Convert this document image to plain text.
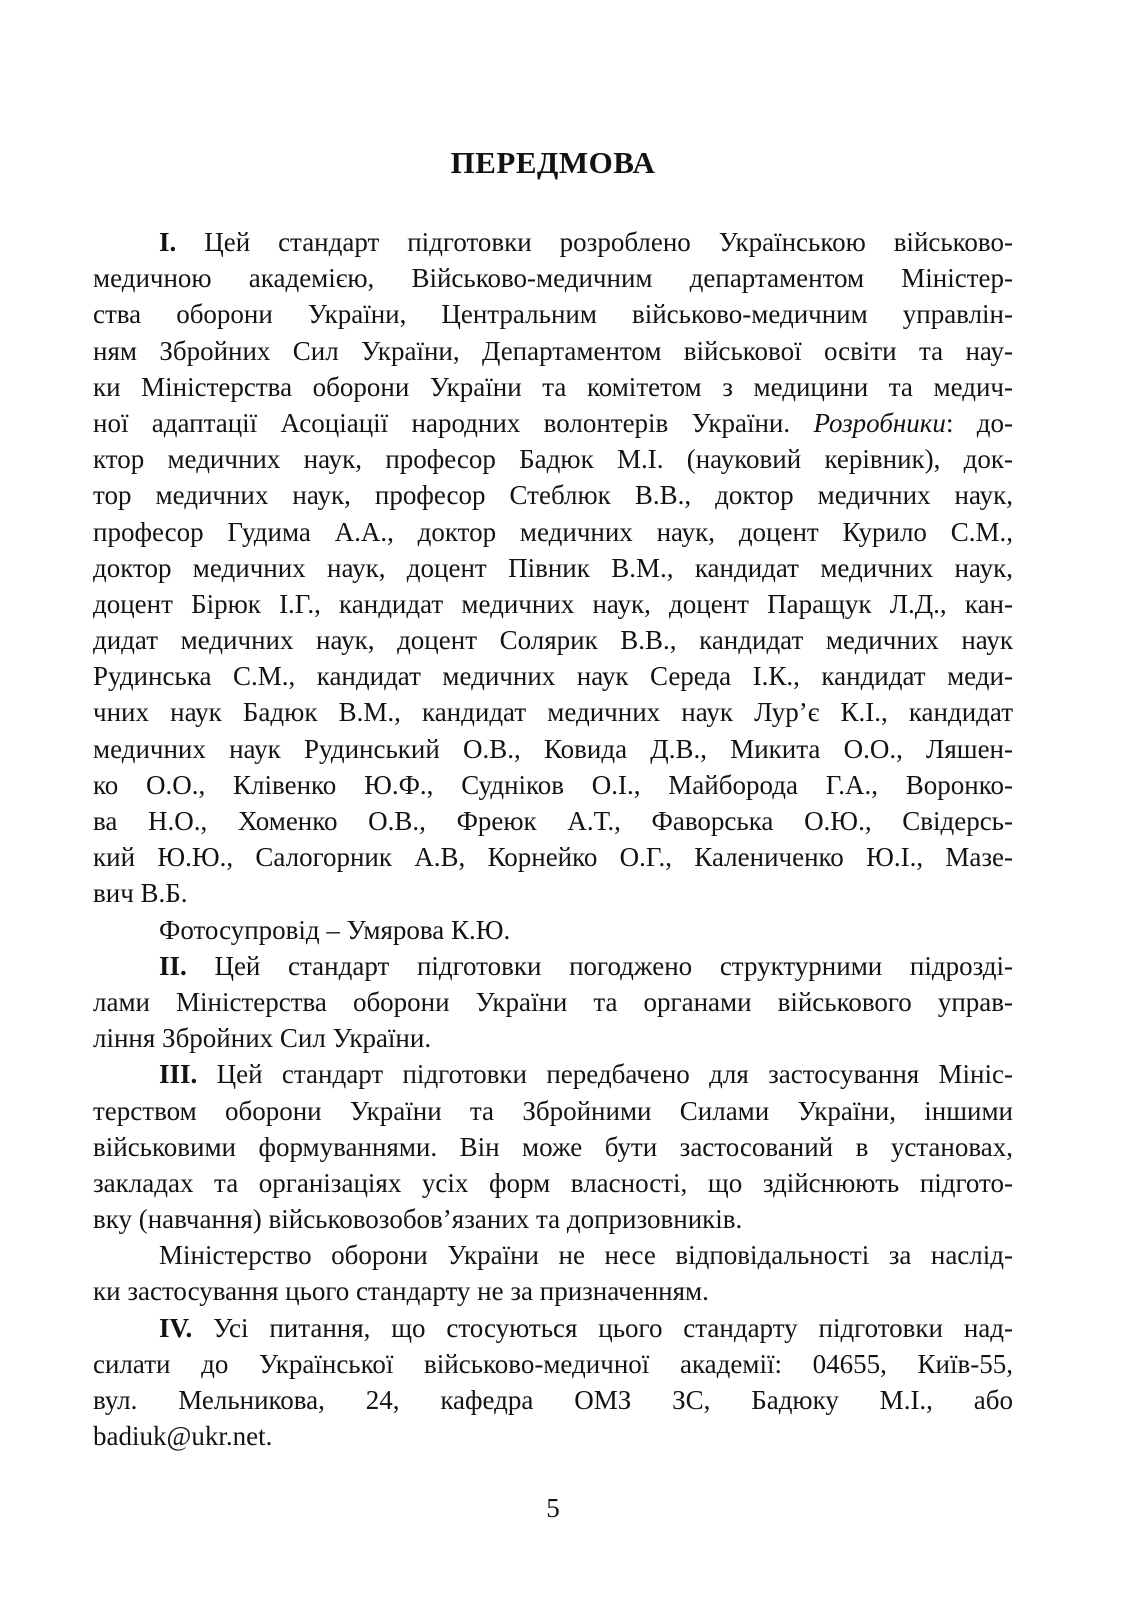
ПЕРЕДМОВА
І. Цей стандарт підготовки розроблено Українською військово-
медичною академією, Військово-медичним департаментом Міністер-
ства оборони України, Центральним військово-медичним управлін-
ням Збройних Сил України, Департаментом військової освіти та нау-
ки Міністерства оборони України та комітетом з медицини та медич-
ної адаптації Асоціації народних волонтерів України. Розробники: до-
ктор медичних наук, професор Бадюк М.І. (науковий керівник), док-
тор медичних наук, професор Стеблюк В.В., доктор медичних наук,
професор Гудима А.А., доктор медичних наук, доцент Курило С.М.,
доктор медичних наук, доцент Півник В.М., кандидат медичних наук,
доцент Бірюк І.Г., кандидат медичних наук, доцент Паращук Л.Д., кан-
дидат медичних наук, доцент Солярик В.В., кандидат медичних наук
Рудинська С.М., кандидат медичних наук Середа І.К., кандидат меди-
чних наук Бадюк В.М., кандидат медичних наук Лур’є К.І., кандидат
медичних наук Рудинський О.В., Ковида Д.В., Микита О.О., Ляшен-
ко О.О., Клівенко Ю.Ф., Судніков О.І., Майборода Г.А., Воронко-
ва Н.О., Хоменко О.В., Фреюк А.Т., Фаворська О.Ю., Свідерсь-
кий Ю.Ю., Салогорник А.В, Корнейко О.Г., Калениченко Ю.І., Мазе-
вич В.Б.
Фотосупровід – Умярова К.Ю.
ІІ. Цей стандарт підготовки погоджено структурними підрозді-
лами Міністерства оборони України та органами військового управ-
ління Збройних Сил України.
ІІІ. Цей стандарт підготовки передбачено для застосування Мініс-
терством оборони України та Збройними Силами України, іншими
військовими формуваннями. Він може бути застосований в установах,
закладах та організаціях усіх форм власності, що здійснюють підгото-
вку (навчання) військовозобов’язаних та допризовників.
Міністерство оборони України не несе відповідальності за наслід-
ки застосування цього стандарту не за призначенням.
ІV. Усі питання, що стосуються цього стандарту підготовки над-
силати до Української військово-медичної академії: 04655, Київ-55,
вул. Мельникова, 24, кафедра ОМЗ ЗС, Бадюку М.І., або
badiuk@ukr.net.
5
